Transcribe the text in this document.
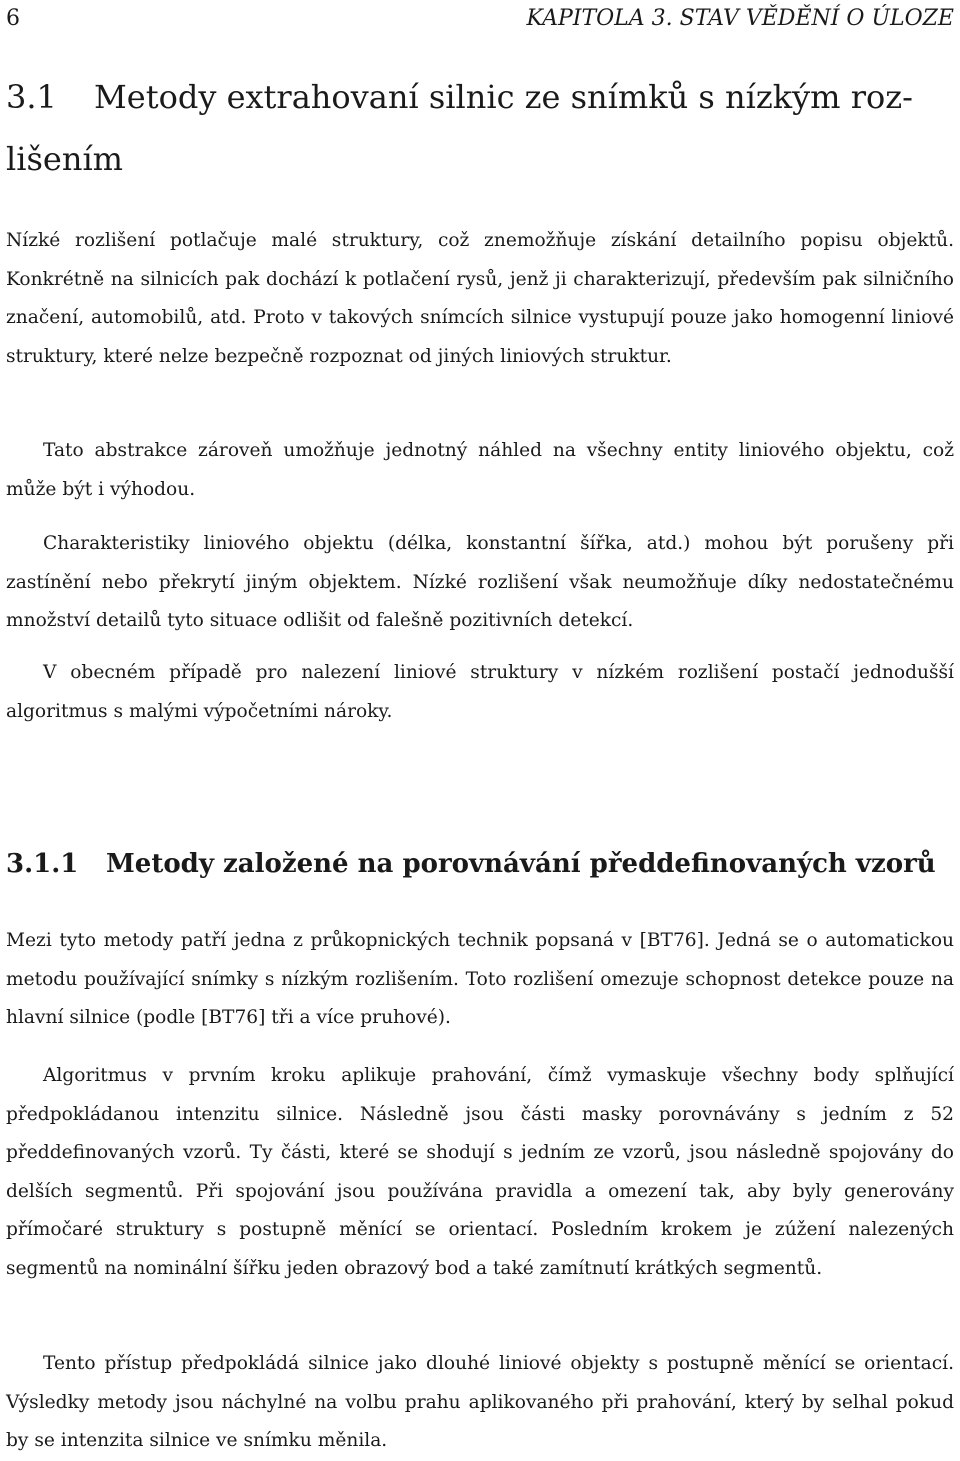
6	KAPITOLA 3. STAV VĚDĚNÍ O ÚLOZE
3.1 Metody extrahovaní silnic ze snímků s nízkým rozlišením

Nízké rozlišení potlačuje malé struktury, což znemožňuje získání detailního popisu objektů. Konkrétně na silnicích pak dochází k potlačení rysů, jenž ji charakterizují, především pak silničního značení, automobilů, atd. Proto v takových snímcích silnice vystupují pouze jako homogenní liniové struktury, které nelze bezpečně rozpoznat od jiných liniových struktur.

Tato abstrakce zároveň umožňuje jednotný náhled na všechny entity liniového objektu, což může být i výhodou.

Charakteristiky liniového objektu (délka, konstantní šířka, atd.) mohou být porušeny při zastínění nebo překrytí jiným objektem. Nízké rozlišení však neumožňuje díky nedostatečnému množství detailů tyto situace odlišit od falešně pozitivních detekcí.

V obecném případě pro nalezení liniové struktury v nízkém rozlišení postačí jednodušší algoritmus s malými výpočetními nároky.

3.1.1 Metody založené na porovnávání předdefinovaných vzorů

Mezi tyto metody patří jedna z průkopnických technik popsaná v [BT76]. Jedná se o automatickou metodu používající snímky s nízkým rozlišením. Toto rozlišení omezuje schopnost detekce pouze na hlavní silnice (podle [BT76] tři a více pruhové).

Algoritmus v prvním kroku aplikuje prahování, čímž vymaskuje všechny body splňující předpokládanou intenzitu silnice. Následně jsou části masky porovnávány s jedním z 52 předdefinovaných vzorů. Ty části, které se shodují s jedním ze vzorů, jsou následně spojovány do delších segmentů. Při spojování jsou používána pravidla a omezení tak, aby byly generovány přímočaré struktury s postupně měnící se orientací. Posledním krokem je zúžení nalezených segmentů na nominální šířku jeden obrazový bod a také zamítnutí krátkých segmentů.

Tento přístup předpokládá silnice jako dlouhé liniové objekty s postupně měnící se orientací. Výsledky metody jsou náchylné na volbu prahu aplikovaného při prahování, který by selhal pokud by se intenzita silnice ve snímku měnila.
